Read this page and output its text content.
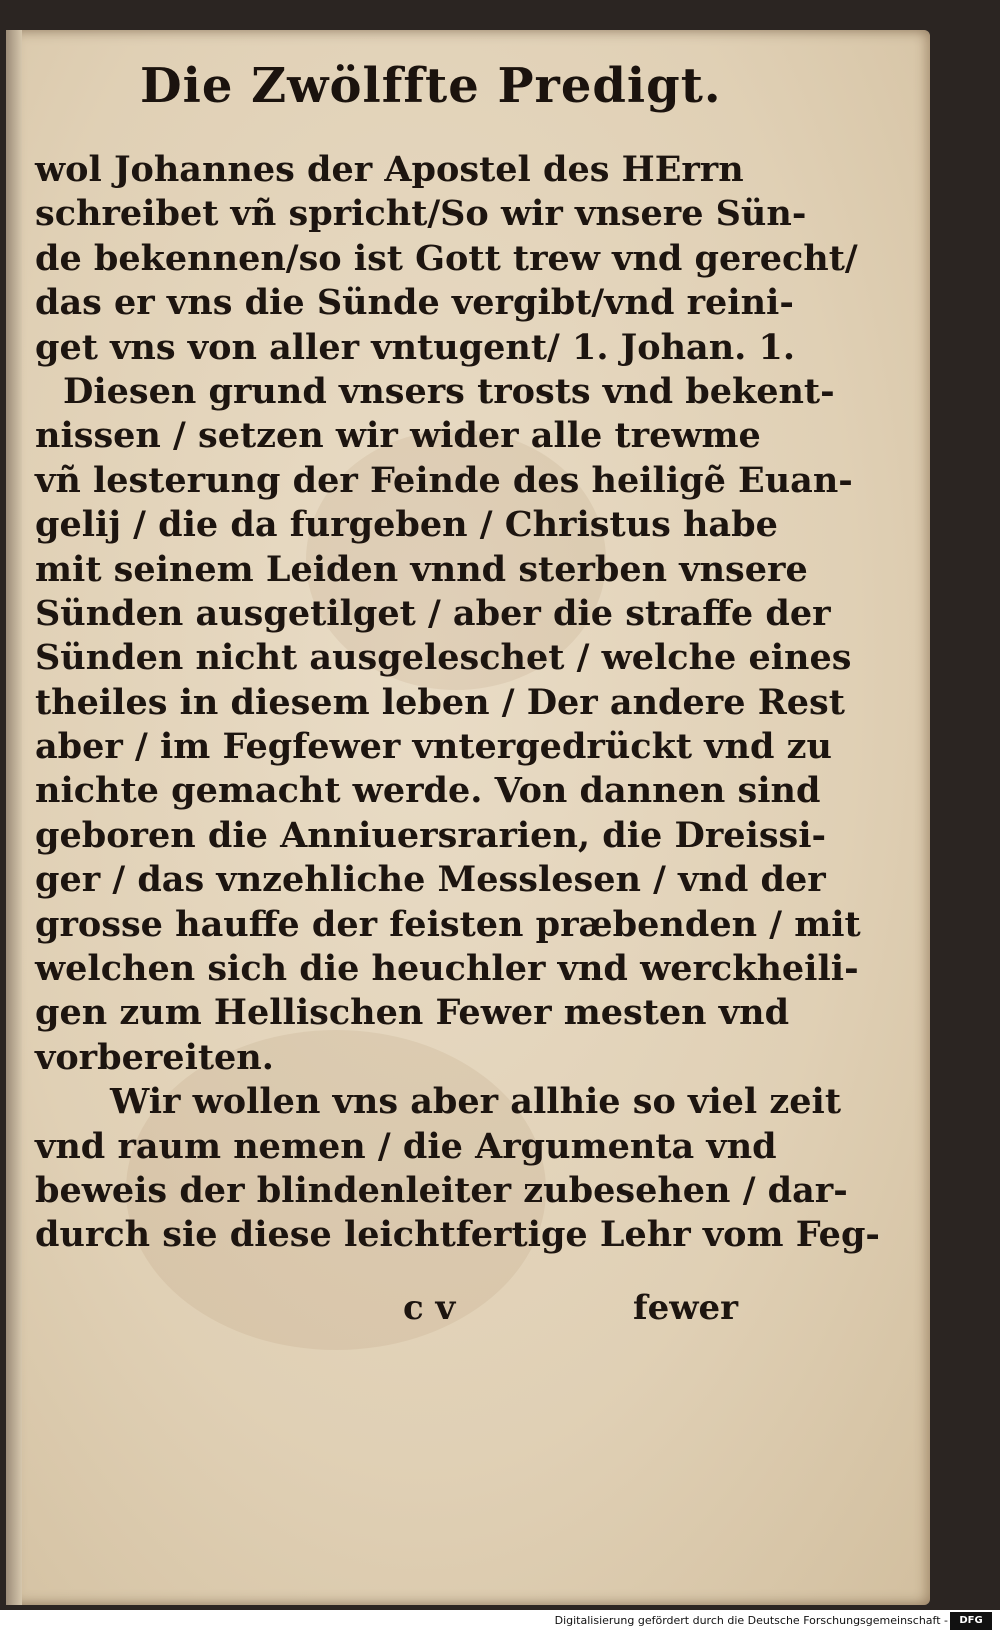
Die Zwölffte Predigt.
wol Johannes der Apostel des HErrn
schreibet vñ spricht/So wir vnsere Sün-
de bekennen/so ist Gott trew vnd gerecht/
das er vns die Sünde vergibt/vnd reini-
get vns von aller vntugent/ 1. Johan. 1.
Diesen grund vnsers trosts vnd bekent-
nissen / setzen wir wider alle trewme
vñ lesterung der Feinde des heiligẽ Euan-
gelij / die da furgeben / Christus habe
mit seinem Leiden vnnd sterben vnsere
Sünden ausgetilget / aber die straffe der
Sünden nicht ausgeleschet / welche eines
theiles in diesem leben / Der andere Rest
aber / im Fegfewer vntergedrückt vnd zu
nichte gemacht werde. Von dannen sind
geboren die Anniuersrarien, die Dreissi-
ger / das vnzehliche Messlesen / vnd der
grosse hauffe der feisten præbenden / mit
welchen sich die heuchler vnd werckheili-
gen zum Hellischen Fewer mesten vnd
vorbereiten.
Wir wollen vns aber allhie so viel zeit
vnd raum nemen / die Argumenta vnd
beweis der blindenleiter zubesehen / dar-
durch sie diese leichtfertige Lehr vom Feg-
c v	fewer
Digitalisierung gefördert durch die Deutsche Forschungsgemeinschaft -	DFG
